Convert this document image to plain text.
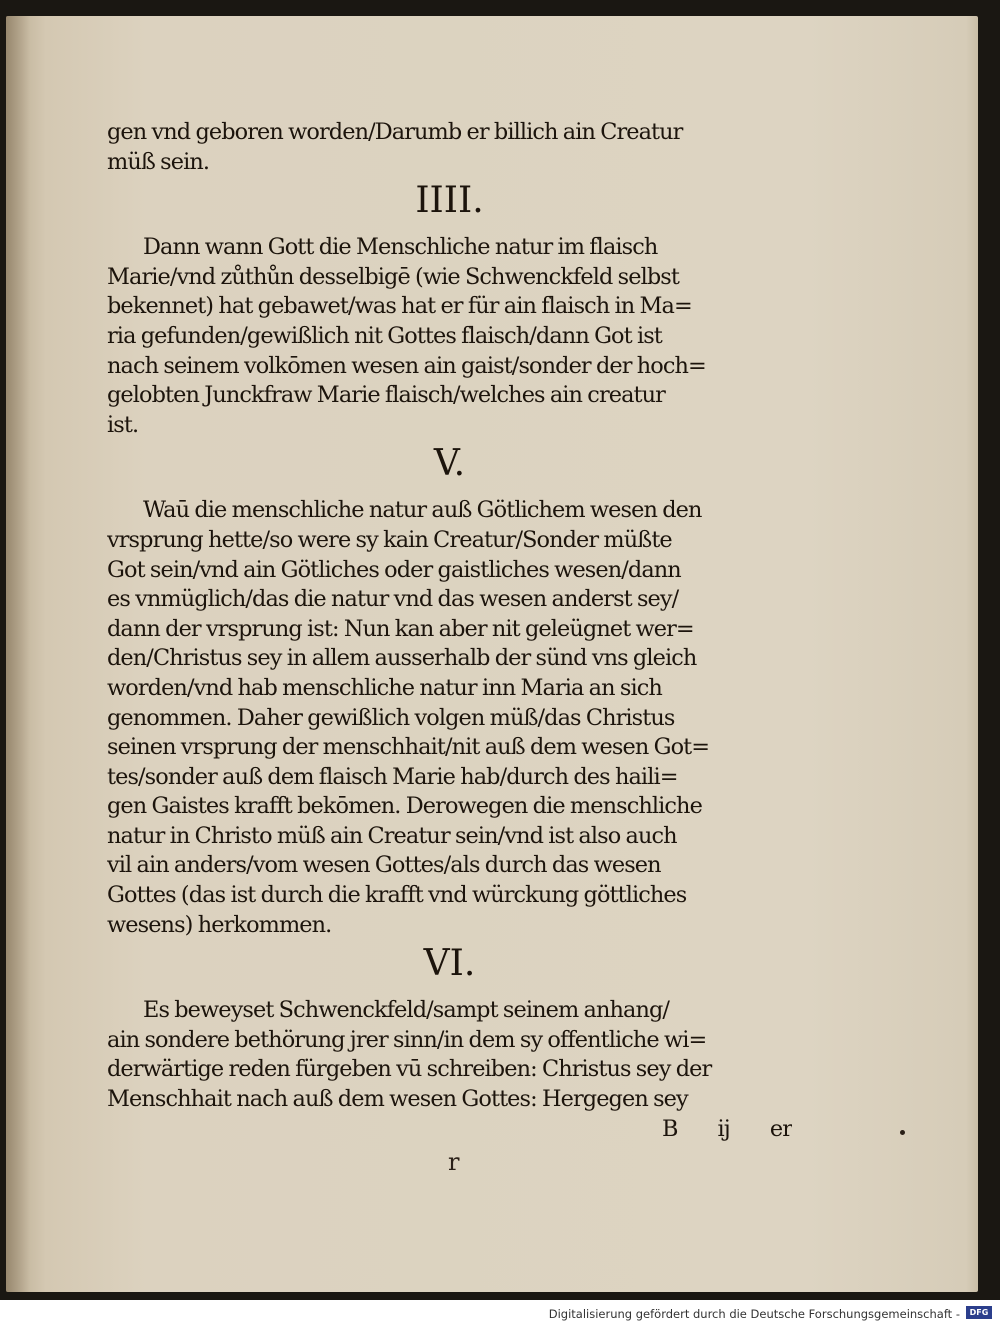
gen vnd geboren worden/Darumb er billich ain Creatur
müß sein.
IIII.
Dann wann Gott die Menschliche natur im flaisch
Marie/vnd zůthůn desselbigē (wie Schwenckfeld selbst
bekennet) hat gebawet/was hat er für ain flaisch in Ma=
ria gefunden/gewißlich nit Gottes flaisch/dann Got ist
nach seinem volkōmen wesen ain gaist/sonder der hoch=
gelobten Junckfraw Marie flaisch/welches ain creatur
ist.
V.
Waū die menschliche natur auß Götlichem wesen den
vrsprung hette/so were sy kain Creatur/Sonder müßte
Got sein/vnd ain Götliches oder gaistliches wesen/dann
es vnmüglich/das die natur vnd das wesen anderst sey/
dann der vrsprung ist: Nun kan aber nit geleügnet wer=
den/Christus sey in allem ausserhalb der sünd vns gleich
worden/vnd hab menschliche natur inn Maria an sich
genommen. Daher gewißlich volgen müß/das Christus
seinen vrsprung der menschhait/nit auß dem wesen Got=
tes/sonder auß dem flaisch Marie hab/durch des haili=
gen Gaistes krafft bekōmen. Derowegen die menschliche
natur in Christo müß ain Creatur sein/vnd ist also auch
vil ain anders/vom wesen Gottes/als durch das wesen
Gottes (das ist durch die krafft vnd würckung göttliches
wesens) herkommen.
VI.
Es beweyset Schwenckfeld/sampt seinem anhang/
ain sondere bethörung jrer sinn/in dem sy offentliche wi=
derwärtige reden fürgeben vū schreiben: Christus sey der
Menschhait nach auß dem wesen Gottes: Hergegen sey
B ij er
r
Digitalisierung gefördert durch die Deutsche Forschungsgemeinschaft -	DFG
